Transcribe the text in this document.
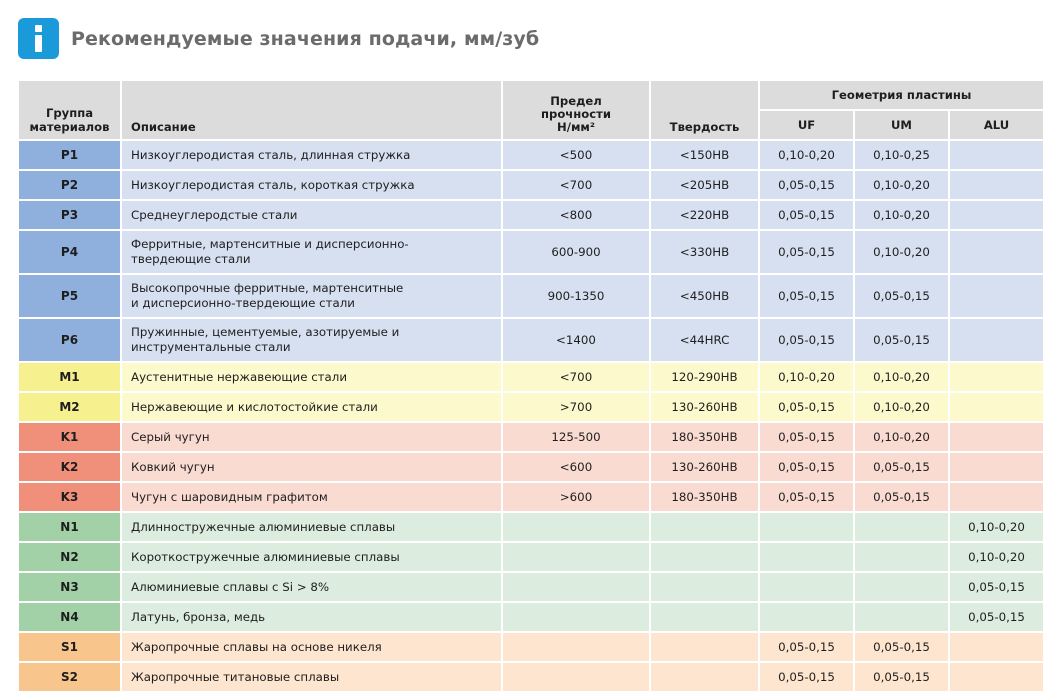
Рекомендуемые значения подачи, мм/зуб
Группа
материалов	Описание	Предел
прочности
Н/мм²	Твердость	Геометрия пластины		
				UF	UM	ALU
P1	Низкоуглеродистая сталь, длинная стружка	<500	<150HB	0,10-0,20	0,10-0,25	
P2	Низкоуглеродистая сталь, короткая стружка	<700	<205HB	0,05-0,15	0,10-0,20	
P3	Среднеуглеродстые стали	<800	<220HB	0,05-0,15	0,10-0,20	
P4	Ферритные, мартенситные и дисперсионно-
твердеющие стали	600-900	<330HB	0,05-0,15	0,10-0,20	
P5	Высокопрочные ферритные, мартенситные
и дисперсионно-твердеющие стали	900-1350	<450HB	0,05-0,15	0,05-0,15	
P6	Пружинные, цементуемые, азотируемые и
инструментальные стали	<1400	<44HRC	0,05-0,15	0,05-0,15	
M1	Аустенитные нержавеющие стали	<700	120-290HB	0,10-0,20	0,10-0,20	
M2	Нержавеющие и кислотостойкие стали	>700	130-260HB	0,05-0,15	0,10-0,20	
K1	Серый чугун	125-500	180-350HB	0,05-0,15	0,10-0,20	
K2	Ковкий чугун	<600	130-260HB	0,05-0,15	0,05-0,15	
K3	Чугун с шаровидным графитом	>600	180-350HB	0,05-0,15	0,05-0,15	
N1	Длинностружечные алюминиевые сплавы					0,10-0,20
N2	Короткостружечные алюминиевые сплавы					0,10-0,20
N3	Алюминиевые сплавы с Si > 8%					0,05-0,15
N4	Латунь, бронза, медь					0,05-0,15
S1	Жаропрочные сплавы на основе никеля			0,05-0,15	0,05-0,15	
S2	Жаропрочные титановые сплавы			0,05-0,15	0,05-0,15	
